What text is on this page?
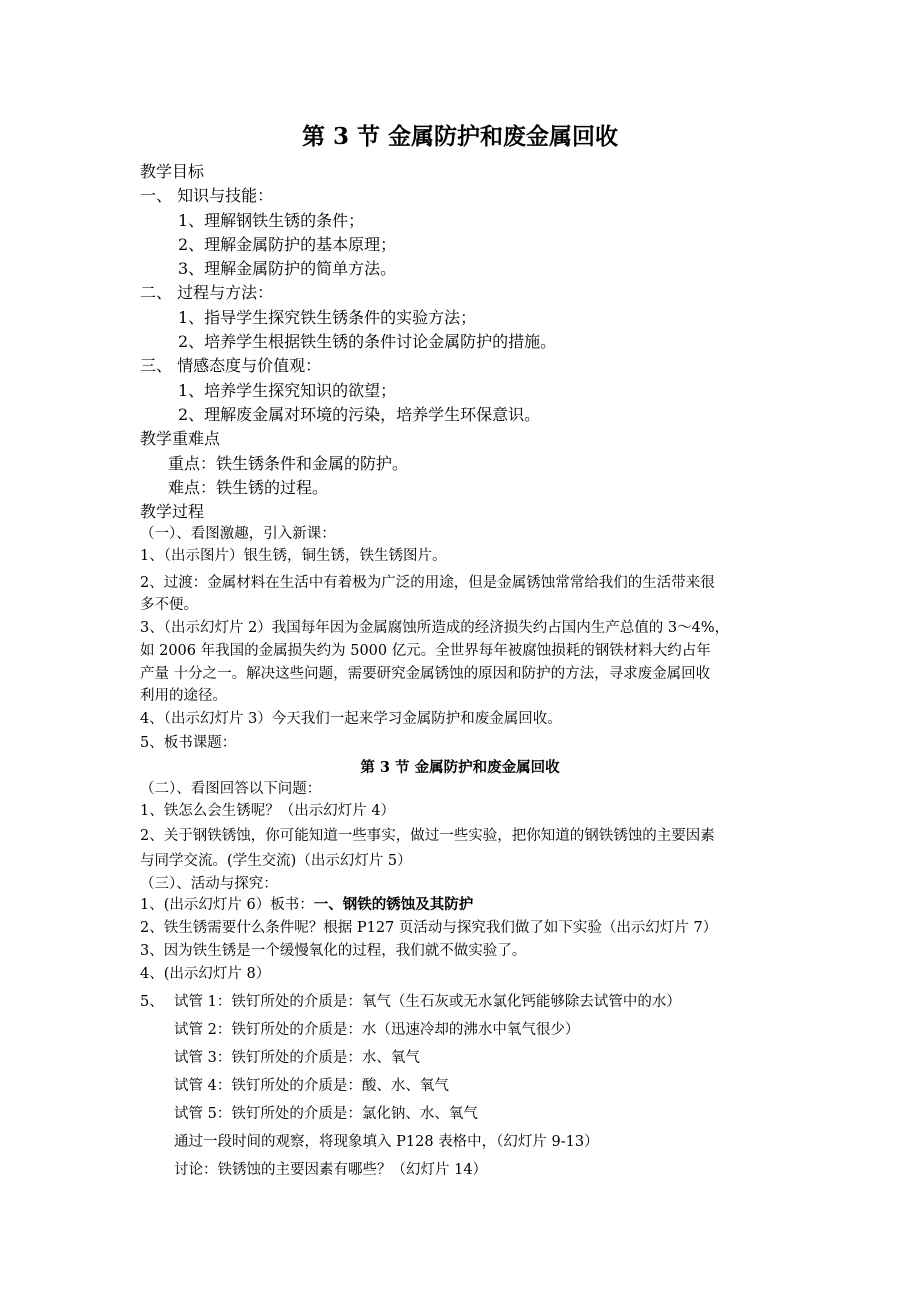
第 3 节 金属防护和废金属回收
教学目标
一、 知识与技能：
1、理解钢铁生锈的条件；
2、理解金属防护的基本原理；
3、理解金属防护的简单方法。
二、 过程与方法：
1、指导学生探究铁生锈条件的实验方法；
2、培养学生根据铁生锈的条件讨论金属防护的措施。
三、 情感态度与价值观：
1、培养学生探究知识的欲望；
2、理解废金属对环境的污染，培养学生环保意识。
教学重难点
重点：铁生锈条件和金属的防护。
难点：铁生锈的过程。
教学过程
（一）、看图激趣，引入新课：
1、（出示图片）银生锈，铜生锈，铁生锈图片。
2、过渡：金属材料在生活中有着极为广泛的用途，但是金属锈蚀常常给我们的生活带来很
多不便。
3、（出示幻灯片 2）我国每年因为金属腐蚀所造成的经济损失约占国内生产总值的 3～4%，
如 2006 年我国的金属损失约为 5000 亿元。全世界每年被腐蚀损耗的钢铁材料大约占年
产量 十分之一。解决这些问题，需要研究金属锈蚀的原因和防护的方法，寻求废金属回收
利用的途径。
4、（出示幻灯片 3）今天我们一起来学习金属防护和废金属回收。
5、板书课题：
第 3 节 金属防护和废金属回收
（二）、看图回答以下问题：
1、铁怎么会生锈呢？（出示幻灯片 4）
2、关于钢铁锈蚀，你可能知道一些事实，做过一些实验，把你知道的钢铁锈蚀的主要因素
与同学交流。(学生交流)（出示幻灯片 5）
（三）、活动与探究：
1、(出示幻灯片 6）板书：一、钢铁的锈蚀及其防护
2、铁生锈需要什么条件呢？根据 P127 页活动与探究我们做了如下实验（出示幻灯片 7）
3、因为铁生锈是一个缓慢氧化的过程，我们就不做实验了。
4、(出示幻灯片 8）
5、 试管 1：铁钉所处的介质是：氧气（生石灰或无水氯化钙能够除去试管中的水）
试管 2：铁钉所处的介质是：水（迅速冷却的沸水中氧气很少）
试管 3：铁钉所处的介质是：水、氧气
试管 4：铁钉所处的介质是：酸、水、氧气
试管 5：铁钉所处的介质是：氯化钠、水、氧气
通过一段时间的观察，将现象填入 P128 表格中，（幻灯片 9-13）
讨论：铁锈蚀的主要因素有哪些？（幻灯片 14）
